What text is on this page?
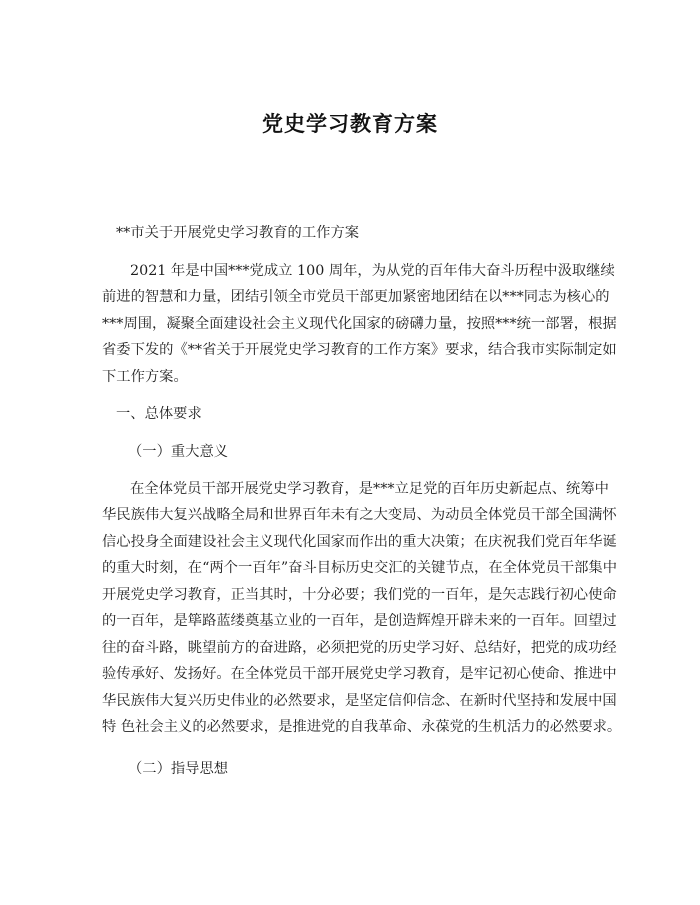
党史学习教育方案
**市关于开展党史学习教育的工作方案
2021 年是中国***党成立 100 周年，为从党的百年伟大奋斗历程中汲取继续
前进的智慧和力量，团结引领全市党员干部更加紧密地团结在以***同志为核心的
***周围，凝聚全面建设社会主义现代化国家的磅礴力量，按照***统一部署，根据
省委下发的《**省关于开展党史学习教育的工作方案》要求，结合我市实际制定如
下工作方案。
一、总体要求
（一）重大意义
在全体党员干部开展党史学习教育，是***立足党的百年历史新起点、统筹中
华民族伟大复兴战略全局和世界百年未有之大变局、为动员全体党员干部全国满怀
信心投身全面建设社会主义现代化国家而作出的重大决策；在庆祝我们党百年华诞
的重大时刻，在“两个一百年”奋斗目标历史交汇的关键节点，在全体党员干部集中
开展党史学习教育，正当其时，十分必要；我们党的一百年，是矢志践行初心使命
的一百年，是筚路蓝缕奠基立业的一百年，是创造辉煌开辟未来的一百年。回望过
往的奋斗路，眺望前方的奋进路，必须把党的历史学习好、总结好，把党的成功经
验传承好、发扬好。在全体党员干部开展党史学习教育，是牢记初心使命、推进中
华民族伟大复兴历史伟业的必然要求，是坚定信仰信念、在新时代坚持和发展中国
特 色社会主义的必然要求，是推进党的自我革命、永葆党的生机活力的必然要求。
（二）指导思想
